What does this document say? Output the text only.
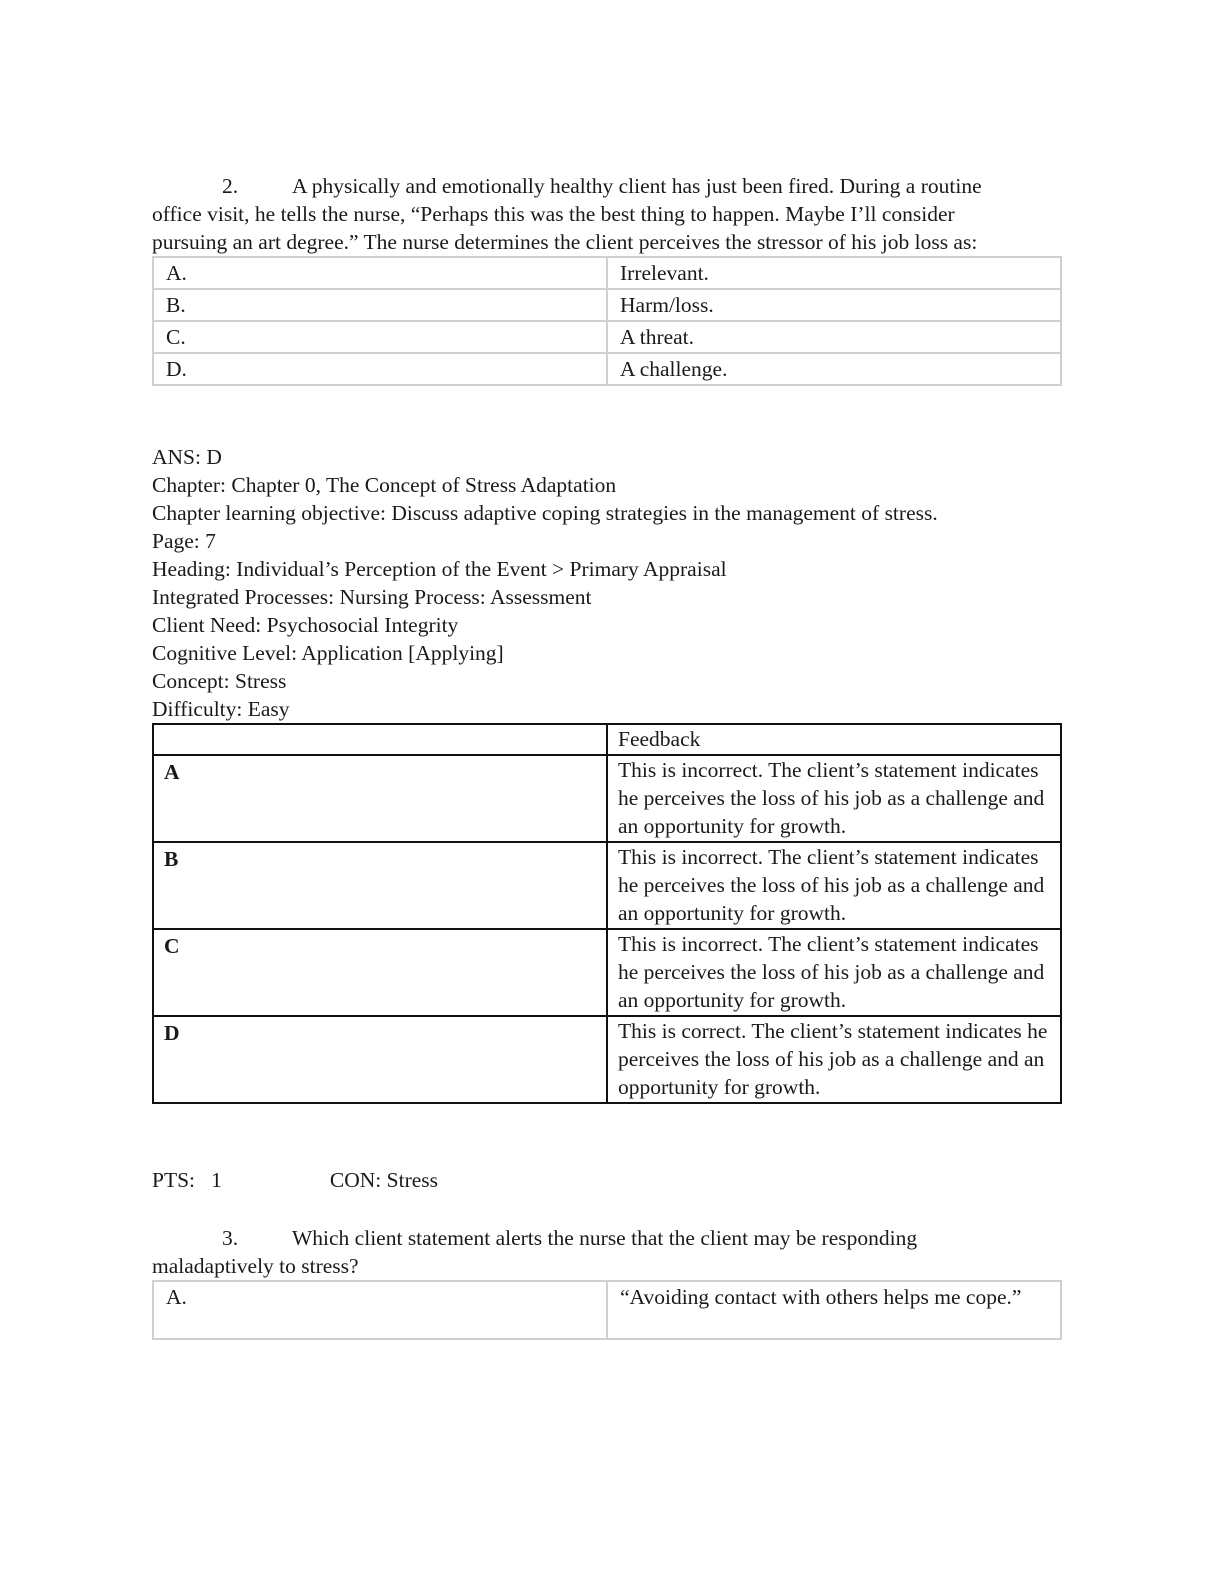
2.	A physically and emotionally healthy client has just been fired. During a routine office visit, he tells the nurse, “Perhaps this was the best thing to happen. Maybe I’ll consider pursuing an art degree.” The nurse determines the client perceives the stressor of his job loss as:

A.	Irrelevant.
B.	Harm/loss.
C.	A threat.
D.	A challenge.
ANS: D
Chapter: Chapter 0, The Concept of Stress Adaptation
Chapter learning objective: Discuss adaptive coping strategies in the management of stress.
Page: 7
Heading: Individual’s Perception of the Event > Primary Appraisal
Integrated Processes: Nursing Process: Assessment
Client Need: Psychosocial Integrity
Cognitive Level: Application [Applying]
Concept: Stress
Difficulty: Easy
	Feedback
A	This is incorrect. The client’s statement indicates he perceives the loss of his job as a challenge and an opportunity for growth.
B	This is incorrect. The client’s statement indicates he perceives the loss of his job as a challenge and an opportunity for growth.
C	This is incorrect. The client’s statement indicates he perceives the loss of his job as a challenge and an opportunity for growth.
D	This is correct. The client’s statement indicates he perceives the loss of his job as a challenge and an opportunity for growth.
PTS:   1	CON: Stress

3.	Which client statement alerts the nurse that the client may be responding maladaptively to stress?

A.	“Avoiding contact with others helps me cope.”
